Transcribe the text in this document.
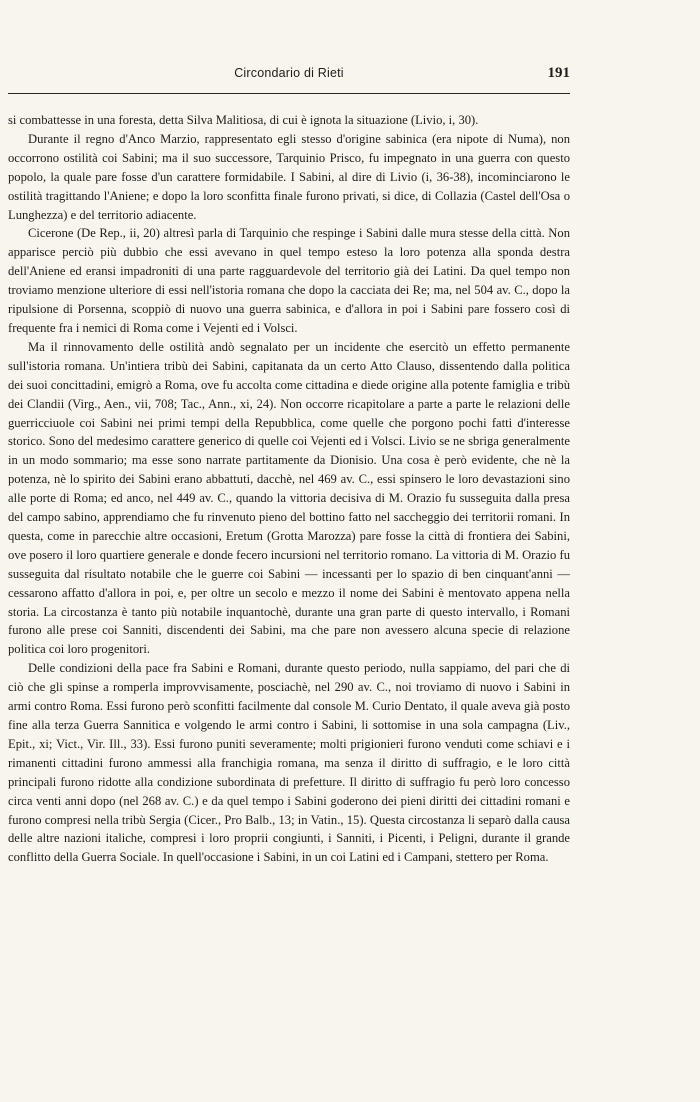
Circondario di Rieti	191

si combattesse in una foresta, detta Silva Malitiosa, di cui è ignota la situazione (Livio, i, 30).

Durante il regno d'Anco Marzio, rappresentato egli stesso d'origine sabinica (era nipote di Numa), non occorrono ostilità coi Sabini; ma il suo successore, Tarquinio Prisco, fu impegnato in una guerra con questo popolo, la quale pare fosse d'un carattere formidabile. I Sabini, al dire di Livio (i, 36-38), incominciarono le ostilità tragittando l'Aniene; e dopo la loro sconfitta finale furono privati, si dice, di Collazia (Castel dell'Osa o Lunghezza) e del territorio adiacente.

Cicerone (De Rep., ii, 20) altresì parla di Tarquinio che respinge i Sabini dalle mura stesse della città. Non apparisce perciò più dubbio che essi avevano in quel tempo esteso la loro potenza alla sponda destra dell'Aniene ed eransi impadroniti di una parte ragguardevole del territorio già dei Latini. Da quel tempo non troviamo menzione ulteriore di essi nell'istoria romana che dopo la cacciata dei Re; ma, nel 504 av. C., dopo la ripulsione di Porsenna, scoppiò di nuovo una guerra sabinica, e d'allora in poi i Sabini pare fossero così di frequente fra i nemici di Roma come i Vejenti ed i Volsci.

Ma il rinnovamento delle ostilità andò segnalato per un incidente che esercitò un effetto permanente sull'istoria romana. Un'intiera tribù dei Sabini, capitanata da un certo Atto Clauso, dissentendo dalla politica dei suoi concittadini, emigrò a Roma, ove fu accolta come cittadina e diede origine alla potente famiglia e tribù dei Clandii (Virg., Aen., vii, 708; Tac., Ann., xi, 24). Non occorre ricapitolare a parte a parte le relazioni delle guerricciuole coi Sabini nei primi tempi della Repubblica, come quelle che porgono pochi fatti d'interesse storico. Sono del medesimo carattere generico di quelle coi Vejenti ed i Volsci. Livio se ne sbriga generalmente in un modo sommario; ma esse sono narrate partitamente da Dionisio. Una cosa è però evidente, che nè la potenza, nè lo spirito dei Sabini erano abbattuti, dacchè, nel 469 av. C., essi spinsero le loro devastazioni sino alle porte di Roma; ed anco, nel 449 av. C., quando la vittoria decisiva di M. Orazio fu susseguita dalla presa del campo sabino, apprendiamo che fu rinvenuto pieno del bottino fatto nel saccheggio dei territorii romani. In questa, come in parecchie altre occasioni, Eretum (Grotta Marozza) pare fosse la città di frontiera dei Sabini, ove posero il loro quartiere generale e donde fecero incursioni nel territorio romano. La vittoria di M. Orazio fu susseguita dal risultato notabile che le guerre coi Sabini — incessanti per lo spazio di ben cinquant'anni — cessarono affatto d'allora in poi, e, per oltre un secolo e mezzo il nome dei Sabini è mentovato appena nella storia. La circostanza è tanto più notabile inquantochè, durante una gran parte di questo intervallo, i Romani furono alle prese coi Sanniti, discendenti dei Sabini, ma che pare non avessero alcuna specie di relazione politica coi loro progenitori.

Delle condizioni della pace fra Sabini e Romani, durante questo periodo, nulla sappiamo, del pari che di ciò che gli spinse a romperla improvvisamente, posciachè, nel 290 av. C., noi troviamo di nuovo i Sabini in armi contro Roma. Essi furono però sconfitti facilmente dal console M. Curio Dentato, il quale aveva già posto fine alla terza Guerra Sannitica e volgendo le armi contro i Sabini, li sottomise in una sola campagna (Liv., Epit., xi; Vict., Vir. Ill., 33). Essi furono puniti severamente; molti prigionieri furono venduti come schiavi e i rimanenti cittadini furono ammessi alla franchigia romana, ma senza il diritto di suffragio, e le loro città principali furono ridotte alla condizione subordinata di prefetture. Il diritto di suffragio fu però loro concesso circa venti anni dopo (nel 268 av. C.) e da quel tempo i Sabini goderono dei pieni diritti dei cittadini romani e furono compresi nella tribù Sergia (Cicer., Pro Balb., 13; in Vatin., 15). Questa circostanza li separò dalla causa delle altre nazioni italiche, compresi i loro proprii congiunti, i Sanniti, i Picenti, i Peligni, durante il grande conflitto della Guerra Sociale. In quell'occasione i Sabini, in un coi Latini ed i Campani, stettero per Roma.
